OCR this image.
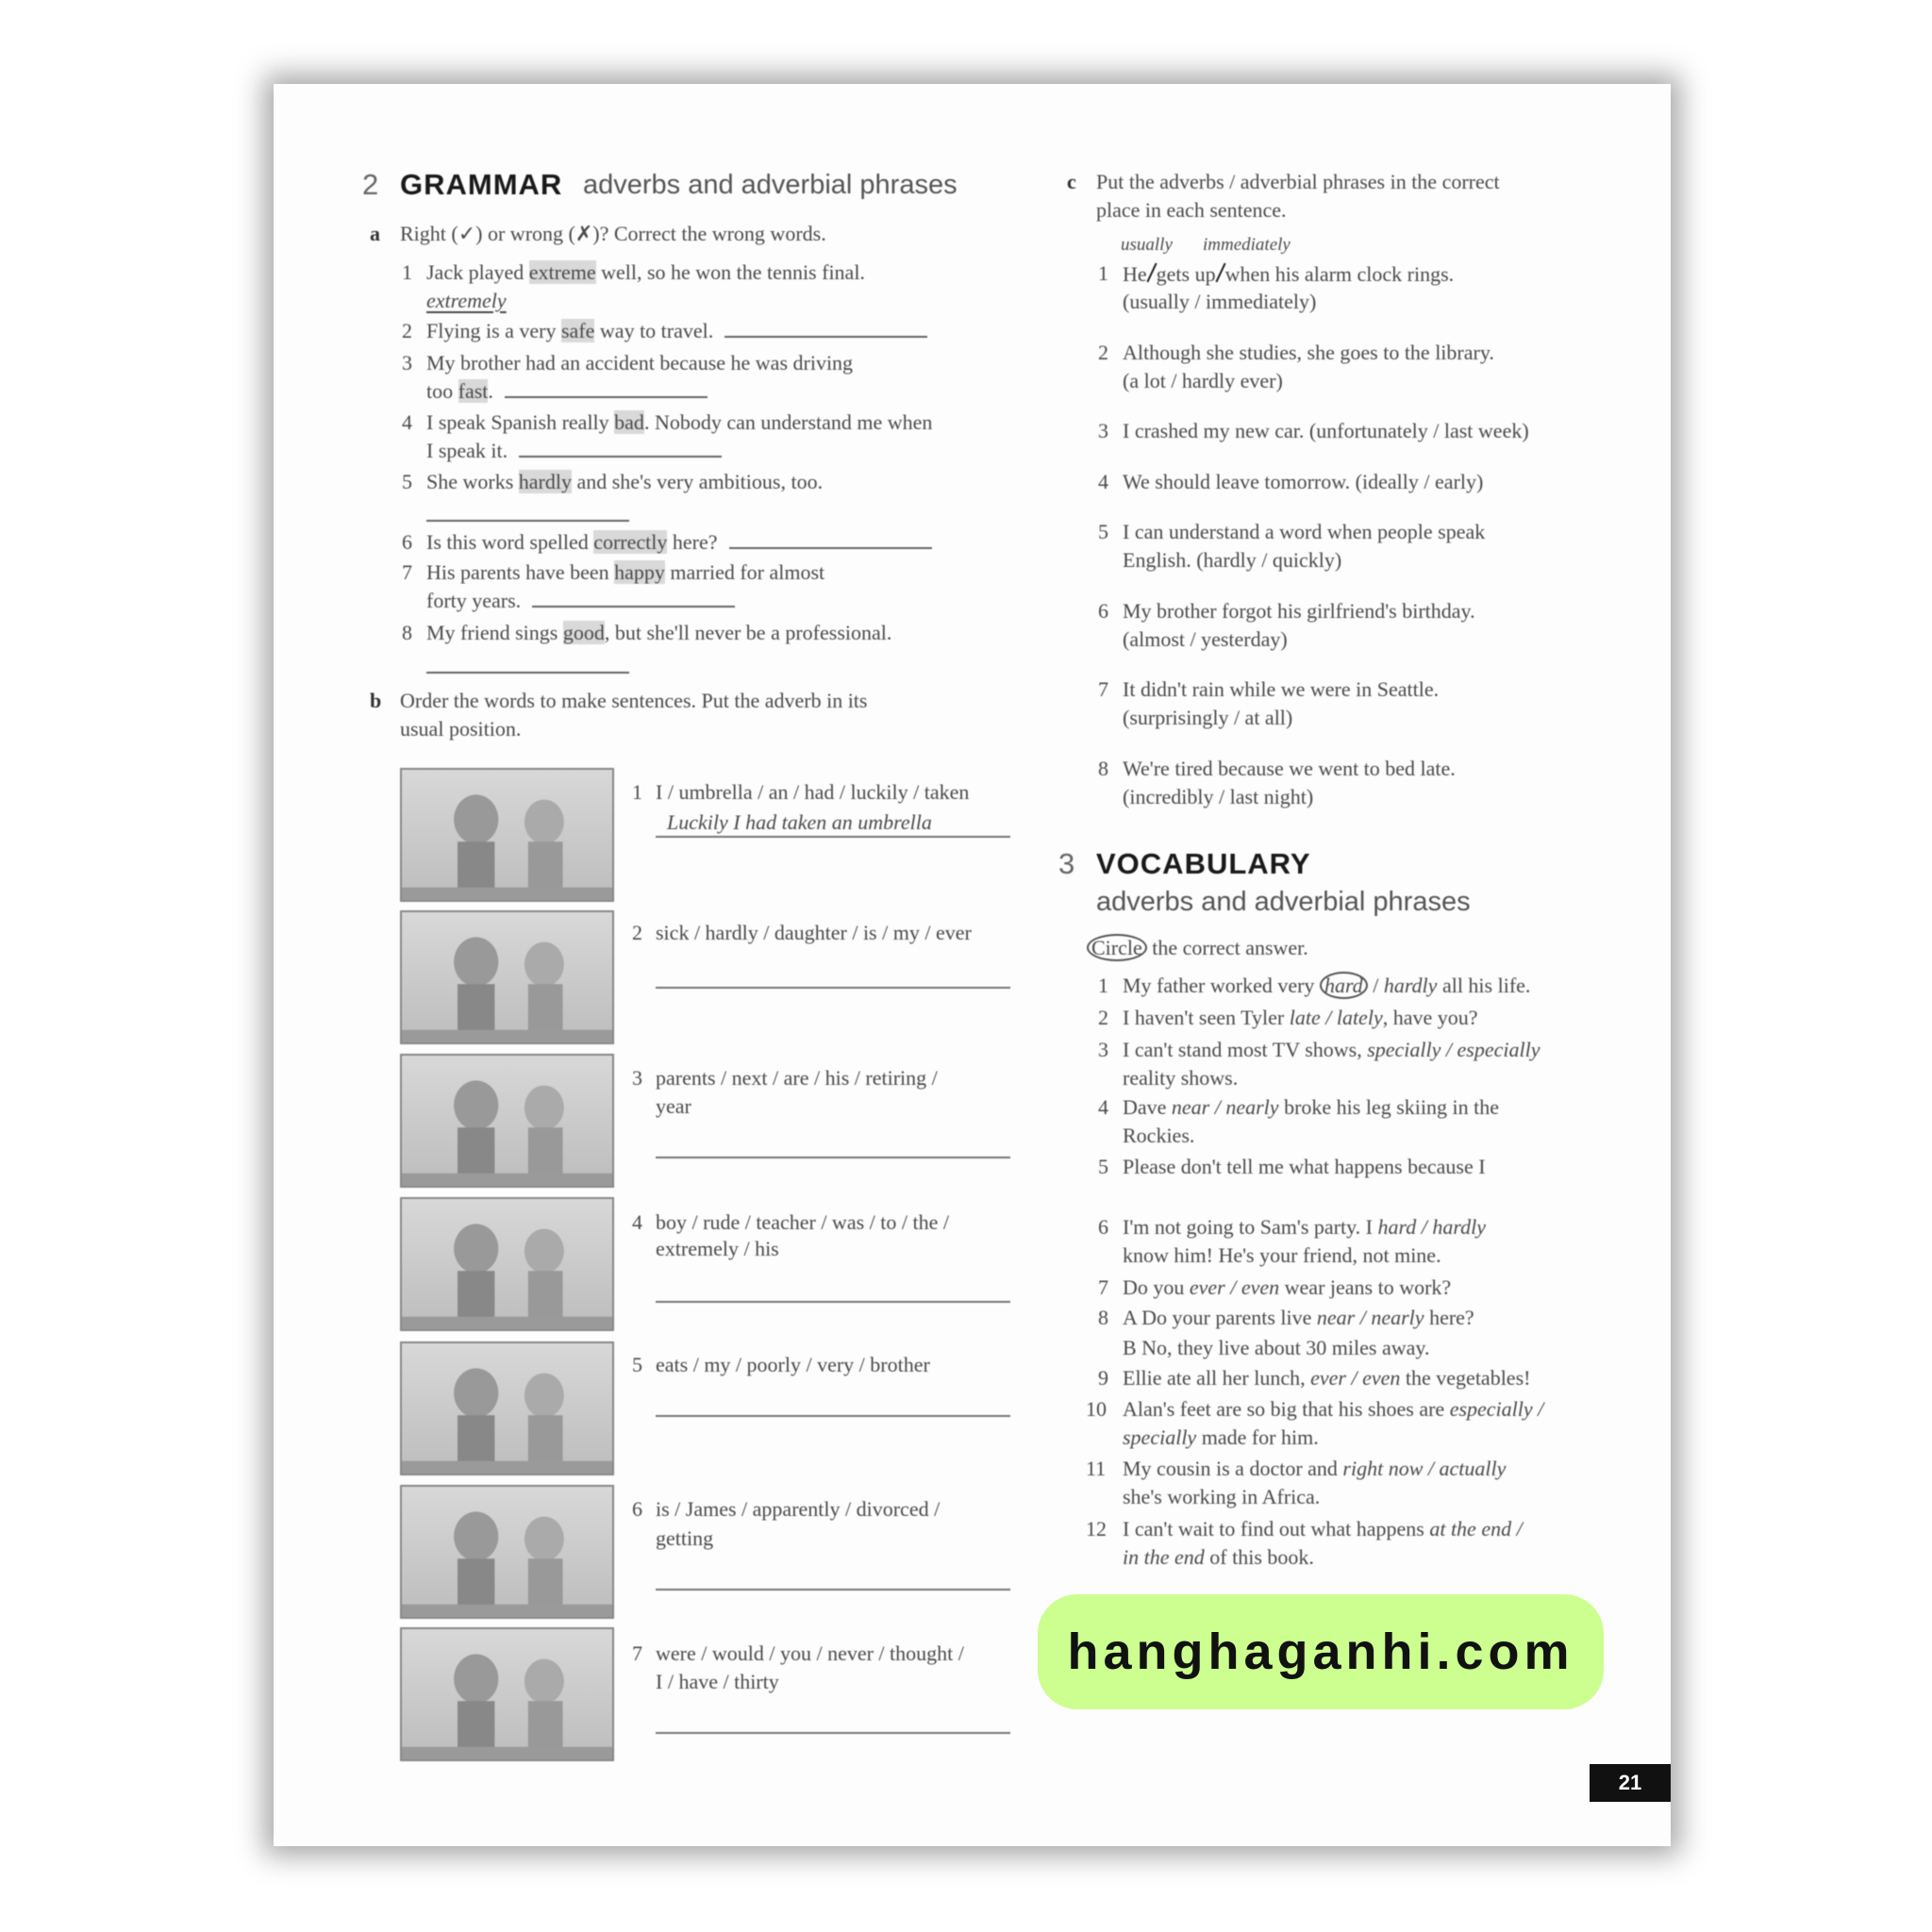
2 GRAMMAR adverbs and adverbial phrases
3 VOCABULARY
adverbs and adverbial phrases
Circle the correct answer.
a Right (✓) or wrong (✗)? Correct the wrong words.
1 Jack played extreme well, so he won the tennis final.
extremely
2 Flying is a very safe way to travel.
3 My brother had an accident because he was driving
too fast.
4 I speak Spanish really bad. Nobody can understand me when
I speak it.
5 She works hardly and she's very ambitious, too.
6 Is this word spelled correctly here?
7 His parents have been happy married for almost
forty years.
8 My friend sings good, but she'll never be a professional.
b Order the words to make sentences. Put the adverb in its
usual position.
1 I / umbrella / an / had / luckily / taken
Luckily I had taken an umbrella
2 sick / hardly / daughter / is / my / ever
3 parents / next / are / his / retiring /
year
4 boy / rude / teacher / was / to / the /
extremely / his
5 eats / my / poorly / very / brother
6 is / James / apparently / divorced /
getting
7 were / would / you / never / thought /
I / have / thirty
c Put the adverbs / adverbial phrases in the correct
place in each sentence.
usually immediately
1 He gets up when his alarm clock rings.
(usually / immediately)
2 Although she studies, she goes to the library.
(a lot / hardly ever)
3 I crashed my new car. (unfortunately / last week)
4 We should leave tomorrow. (ideally / early)
5 I can understand a word when people speak
English. (hardly / quickly)
6 My brother forgot his girlfriend's birthday.
(almost / yesterday)
7 It didn't rain while we were in Seattle.
(surprisingly / at all)
8 We're tired because we went to bed late.
(incredibly / last night)
1 My father worked very hard / hardly all his life.
2 I haven't seen Tyler late / lately, have you?
3 I can't stand most TV shows, specially / especially
reality shows.
4 Dave near / nearly broke his leg skiing in the
Rockies.
5 Please don't tell me what happens because I
6 I'm not going to Sam's party. I hard / hardly
know him! He's your friend, not mine.
7 Do you ever / even wear jeans to work?
8 A Do your parents live near / nearly here?
B No, they live about 30 miles away.
9 Ellie ate all her lunch, ever / even the vegetables!
10 Alan's feet are so big that his shoes are especially /
specially made for him.
11 My cousin is a doctor and right now / actually
she's working in Africa.
12 I can't wait to find out what happens at the end /
in the end of this book.
21
hanghaganhi.com
